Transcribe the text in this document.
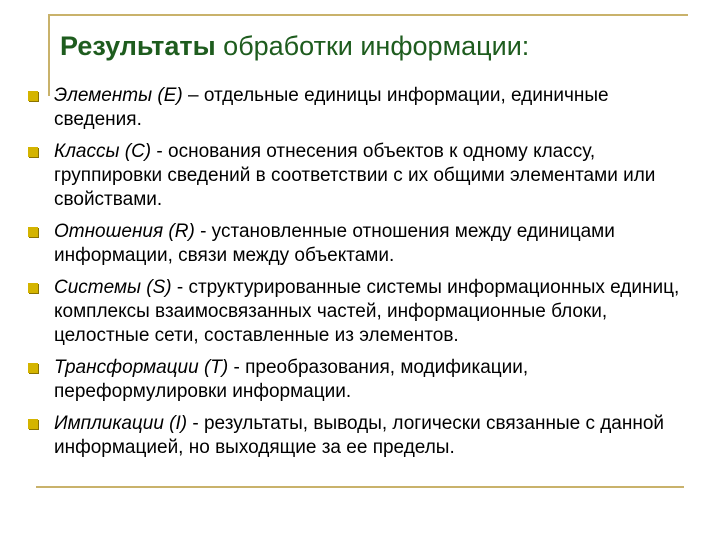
Результаты обработки информации:
Элементы (E) – отдельные единицы информации, единичные сведения.
Классы (C) - основания отнесения объектов к одному классу, группировки сведений в соответствии с их общими элементами или свойствами.
Отношения (R) - установленные отношения между единицами информации, связи между объектами.
Системы (S) - структурированные системы информационных единиц, комплексы взаимосвязанных частей, информационные блоки, целостные сети, составленные из элементов.
Трансформации (T) - преобразования, модификации, переформулировки информации.
Импликации (I) - результаты, выводы, логически связанные с данной информацией, но выходящие за ее пределы.
